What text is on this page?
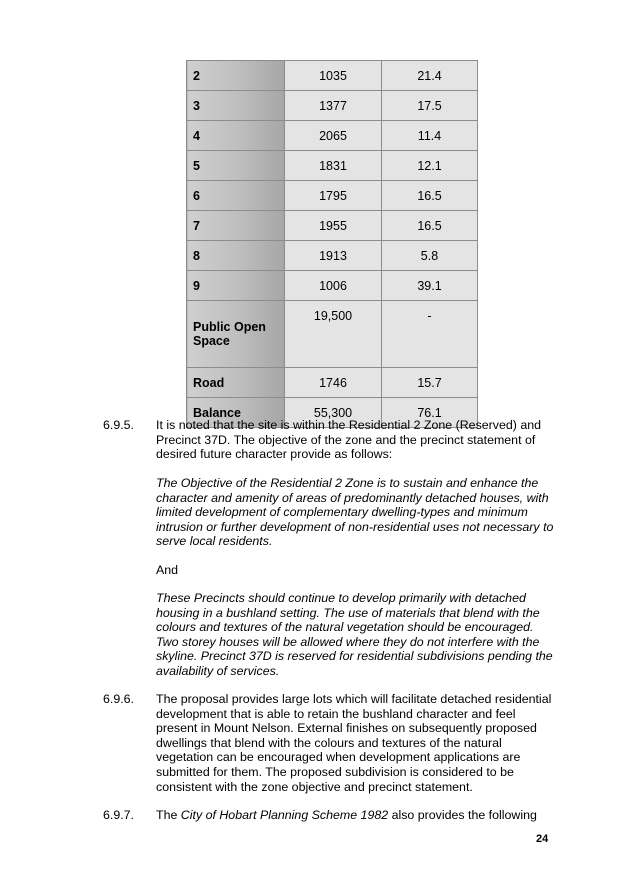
2	1035	21.4
3	1377	17.5
4	2065	11.4
5	1831	12.1
6	1795	16.5
7	1955	16.5
8	1913	5.8
9	1006	39.1
Public Open Space	19,500	-
Road	1746	15.7
Balance	55,300	76.1
6.9.5. It is noted that the site is within the Residential 2 Zone (Reserved) and Precinct 37D. The objective of the zone and the precinct statement of desired future character provide as follows:
The Objective of the Residential 2 Zone is to sustain and enhance the character and amenity of areas of predominantly detached houses, with limited development of complementary dwelling-types and minimum intrusion or further development of non-residential uses not necessary to serve local residents.
And
These Precincts should continue to develop primarily with detached housing in a bushland setting. The use of materials that blend with the colours and textures of the natural vegetation should be encouraged. Two storey houses will be allowed where they do not interfere with the skyline. Precinct 37D is reserved for residential subdivisions pending the availability of services.
6.9.6. The proposal provides large lots which will facilitate detached residential development that is able to retain the bushland character and feel present in Mount Nelson. External finishes on subsequently proposed dwellings that blend with the colours and textures of the natural vegetation can be encouraged when development applications are submitted for them. The proposed subdivision is considered to be consistent with the zone objective and precinct statement.
6.9.7. The City of Hobart Planning Scheme 1982 also provides the following
24
